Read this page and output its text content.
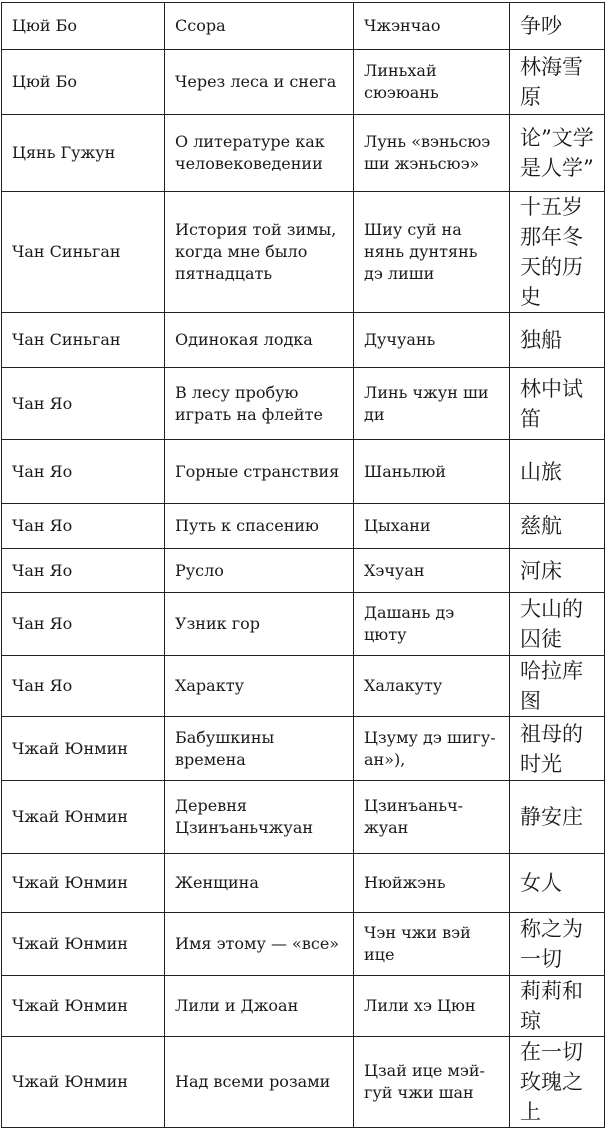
Цюй Бо	Ссора	Чжэнчао	争吵
Цюй Бо	Через леса и снега	Линьхай сюэюань	林海雪原
Цянь Гужун	О литературе как человековедении	Лунь «вэньсюэ ши жэньсюэ»	论”文学是人学”
Чан Синьган	История той зимы, когда мне было пятнадцать	Шиу суй на нянь дунтянь дэ лиши	十五岁那年冬天的历史
Чан Синьган	Одинокая лодка	Дучуань	独船
Чан Яо	В лесу пробую играть на флейте	Линь чжун ши ди	林中试笛
Чан Яо	Горные странствия	Шаньлюй	山旅
Чан Яо	Путь к спасению	Цыхани	慈航
Чан Яо	Русло	Хэчуан	河床
Чан Яо	Узник гор	Дашань дэ цюту	大山的囚徒
Чан Яо	Характу	Халакуту	哈拉库图
Чжай Юнмин	Бабушкины времена	Цзуму дэ шигу-ан»),	祖母的时光
Чжай Юнмин	Деревня Цзинъаньчжуан	Цзинъаньч-жуан	静安庄
Чжай Юнмин	Женщина	Нюйжэнь	女人
Чжай Юнмин	Имя этому — «все»	Чэн чжи вэй ице	称之为一切
Чжай Юнмин	Лили и Джоан	Лили хэ Цюн	莉莉和 琼
Чжай Юнмин	Над всеми розами	Цзай ице мэй-гуй чжи шан	在一切玫瑰之上
